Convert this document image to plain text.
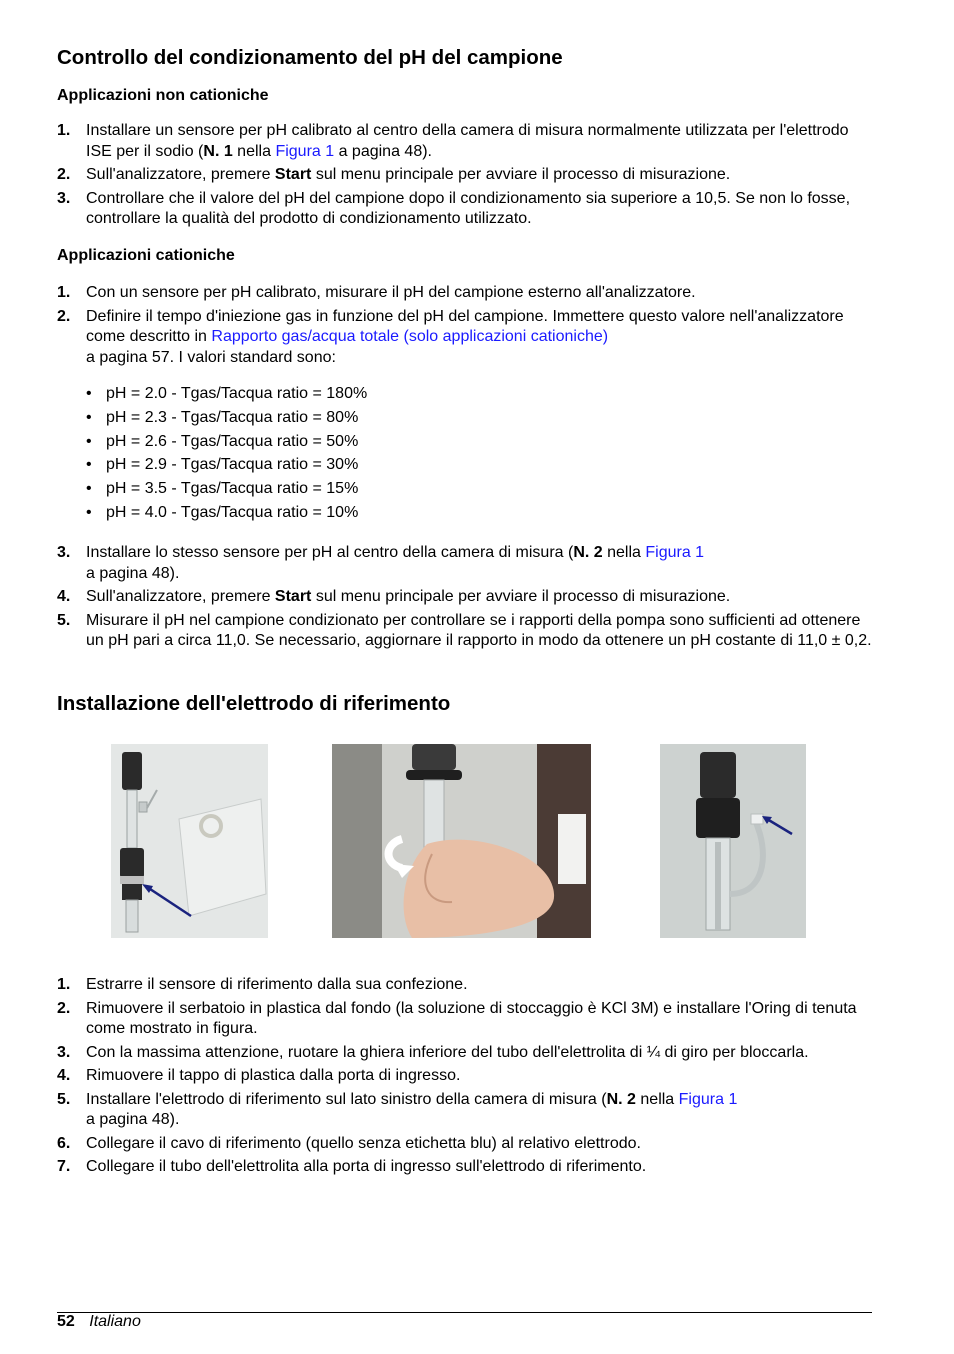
Controllo del condizionamento del pH del campione
Applicazioni non cationiche
1. Installare un sensore per pH calibrato al centro della camera di misura normalmente utilizzata per l'elettrodo ISE per il sodio (N. 1 nella Figura 1 a pagina 48).
2. Sull'analizzatore, premere Start sul menu principale per avviare il processo di misurazione.
3. Controllare che il valore del pH del campione dopo il condizionamento sia superiore a 10,5. Se non lo fosse, controllare la qualità del prodotto di condizionamento utilizzato.
Applicazioni cationiche
1. Con un sensore per pH calibrato, misurare il pH del campione esterno all'analizzatore.
2. Definire il tempo d'iniezione gas in funzione del pH del campione. Immettere questo valore nell'analizzatore come descritto in Rapporto gas/acqua totale (solo applicazioni cationiche)
a pagina 57. I valori standard sono:
• pH = 2.0 - Tgas/Tacqua ratio = 180%
• pH = 2.3 - Tgas/Tacqua ratio = 80%
• pH = 2.6 - Tgas/Tacqua ratio = 50%
• pH = 2.9 - Tgas/Tacqua ratio = 30%
• pH = 3.5 - Tgas/Tacqua ratio = 15%
• pH = 4.0 - Tgas/Tacqua ratio = 10%
3. Installare lo stesso sensore per pH al centro della camera di misura (N. 2 nella Figura 1
a pagina 48).
4. Sull'analizzatore, premere Start sul menu principale per avviare il processo di misurazione.
5. Misurare il pH nel campione condizionato per controllare se i rapporti della pompa sono sufficienti ad ottenere un pH pari a circa 11,0. Se necessario, aggiornare il rapporto in modo da ottenere un pH costante di 11,0 ± 0,2.
Installazione dell'elettrodo di riferimento
1. Estrarre il sensore di riferimento dalla sua confezione.
2. Rimuovere il serbatoio in plastica dal fondo (la soluzione di stoccaggio è KCl 3M) e installare l'Oring di tenuta come mostrato in figura.
3. Con la massima attenzione, ruotare la ghiera inferiore del tubo dell'elettrolita di ¼ di giro per bloccarla.
4. Rimuovere il tappo di plastica dalla porta di ingresso.
5. Installare l'elettrodo di riferimento sul lato sinistro della camera di misura (N. 2 nella Figura 1
a pagina 48).
6. Collegare il cavo di riferimento (quello senza etichetta blu) al relativo elettrodo.
7. Collegare il tubo dell'elettrolita alla porta di ingresso sull'elettrodo di riferimento.
52 Italiano
